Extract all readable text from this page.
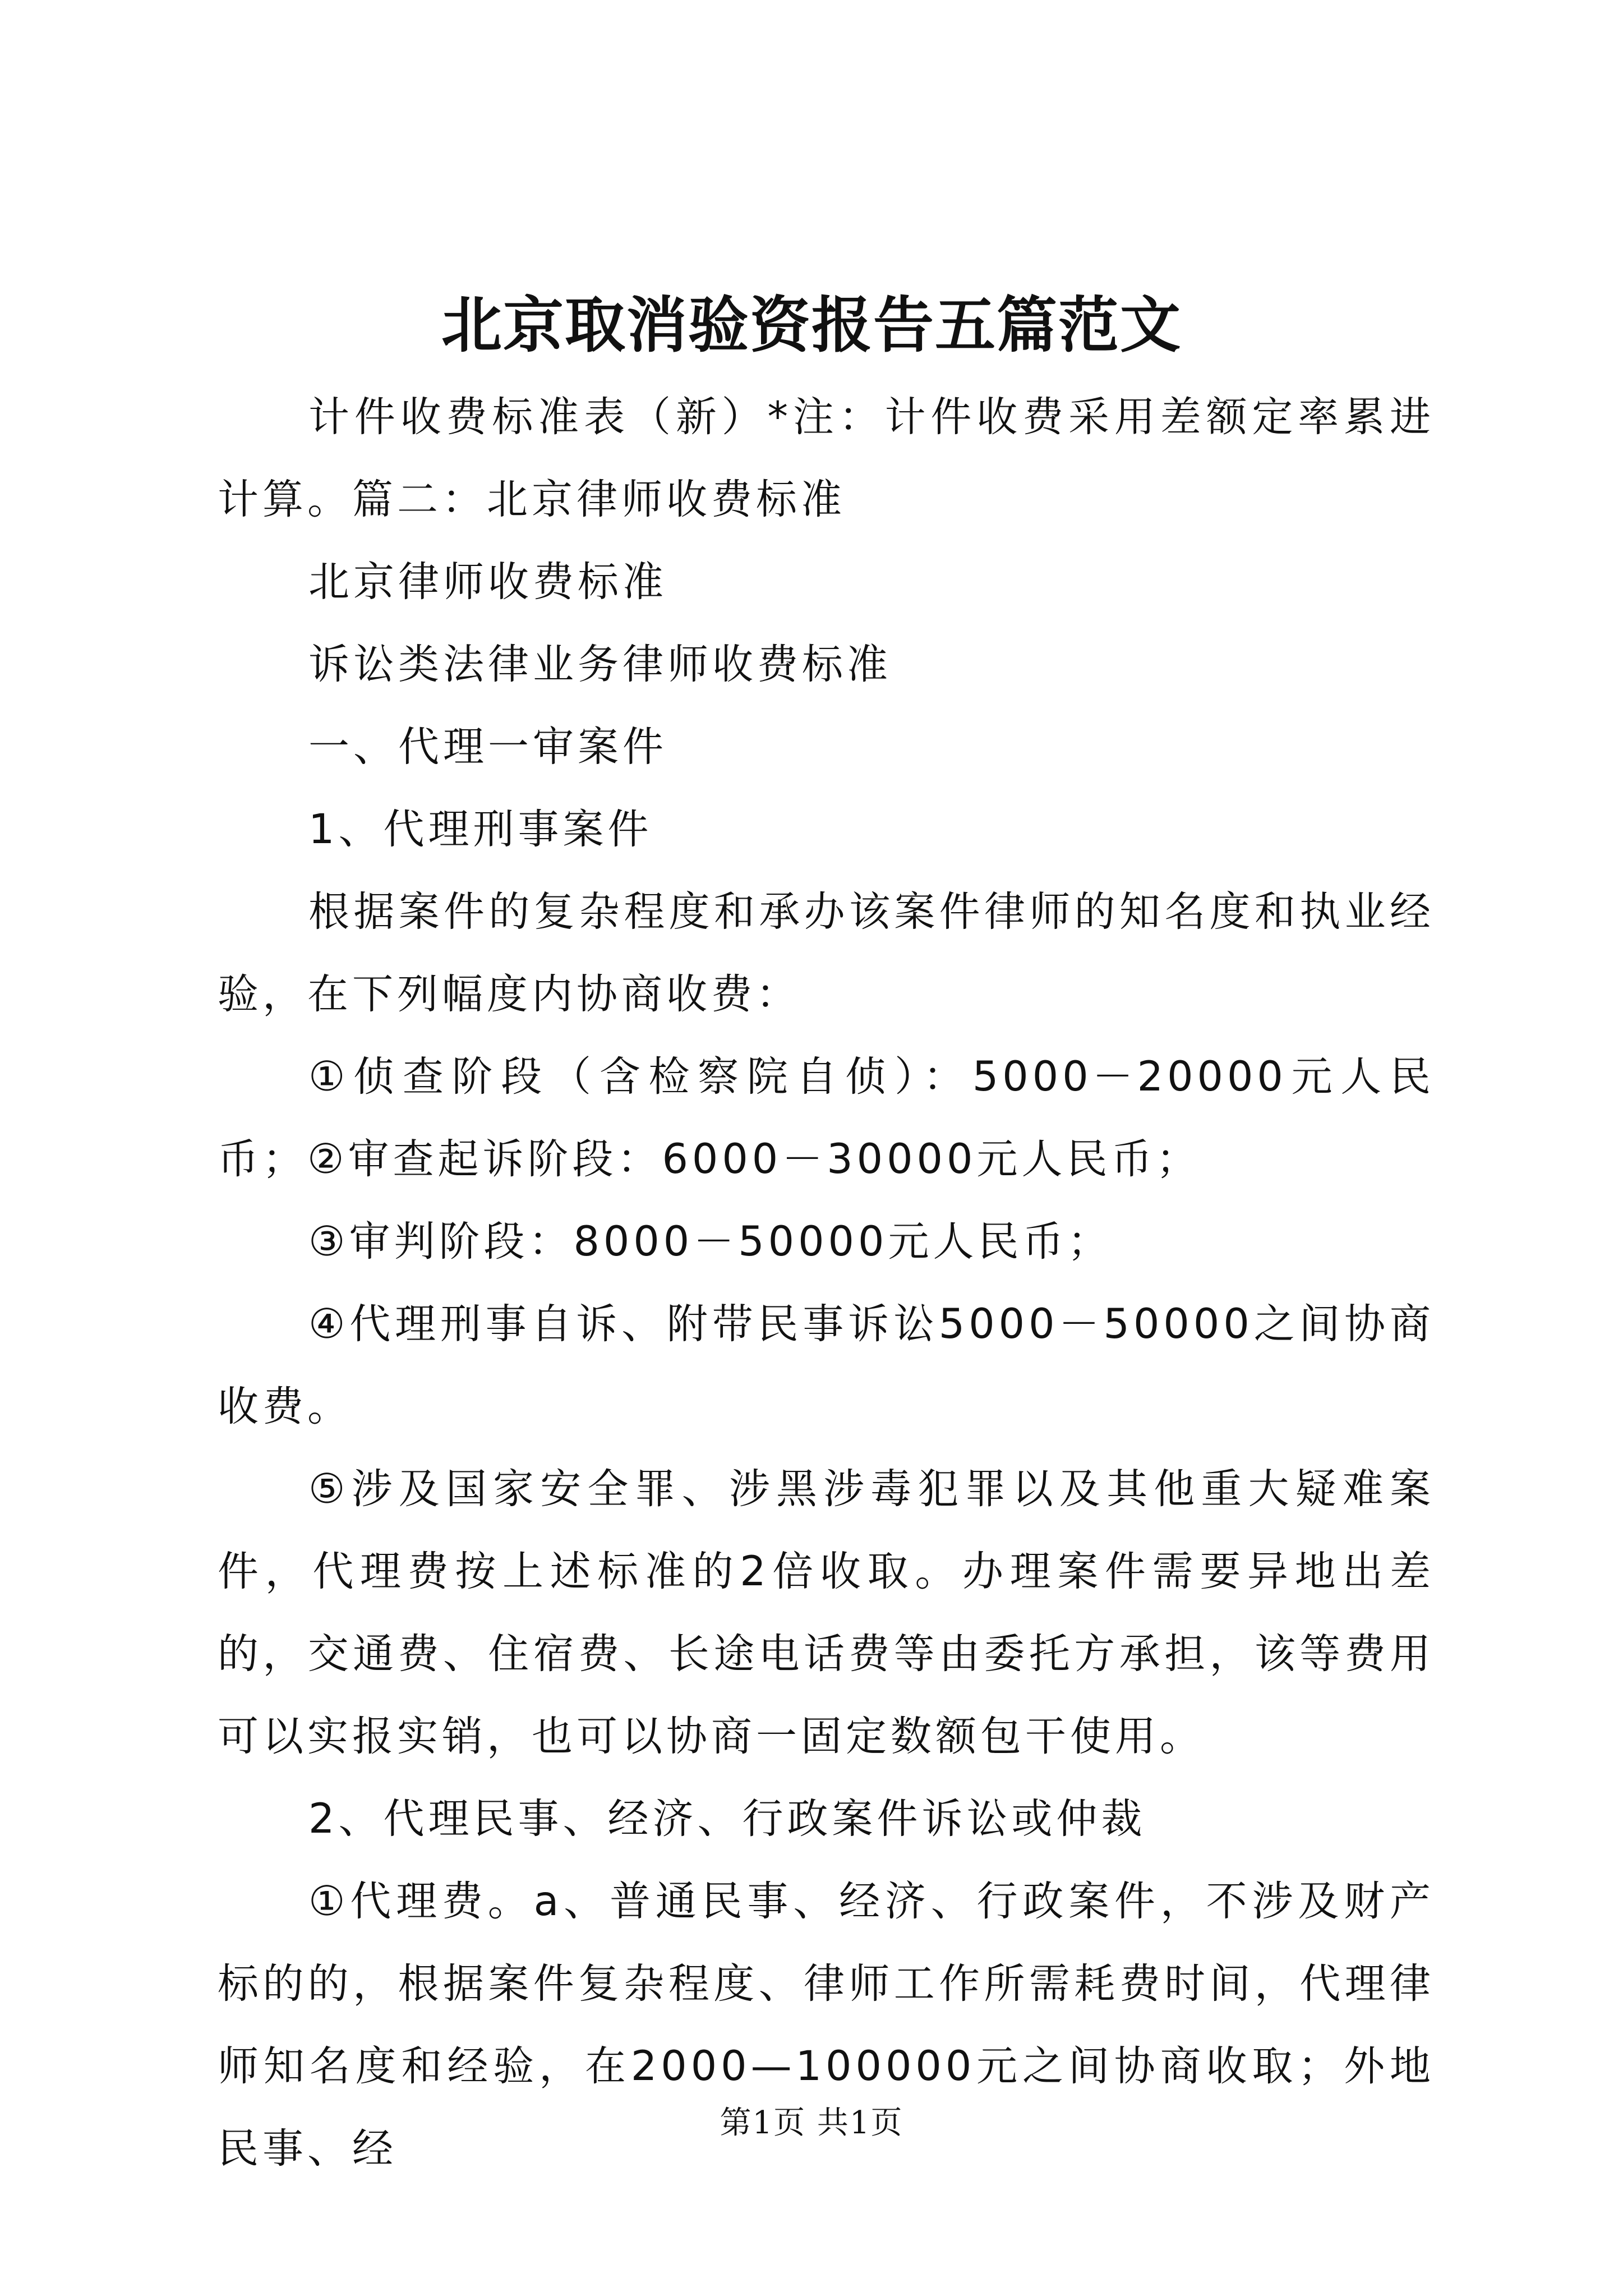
北京取消验资报告五篇范文

计件收费标准表（新）*注：计件收费采用差额定率累进计算。篇二：北京律师收费标准

北京律师收费标准

诉讼类法律业务律师收费标准

一、代理一审案件

1、代理刑事案件

根据案件的复杂程度和承办该案件律师的知名度和执业经验，在下列幅度内协商收费：

①侦查阶段（含检察院自侦）：5000－20000元人民币；②审查起诉阶段：6000－30000元人民币；

③审判阶段：8000－50000元人民币；

④代理刑事自诉、附带民事诉讼5000－50000之间协商收费。

⑤涉及国家安全罪、涉黑涉毒犯罪以及其他重大疑难案件，代理费按上述标准的2倍收取。办理案件需要异地出差的，交通费、住宿费、长途电话费等由委托方承担，该等费用可以实报实销，也可以协商一固定数额包干使用。

2、代理民事、经济、行政案件诉讼或仲裁

①代理费。a、普通民事、经济、行政案件，不涉及财产标的的，根据案件复杂程度、律师工作所需耗费时间，代理律师知名度和经验，在2000—100000元之间协商收取；外地民事、经

第1页 共1页
